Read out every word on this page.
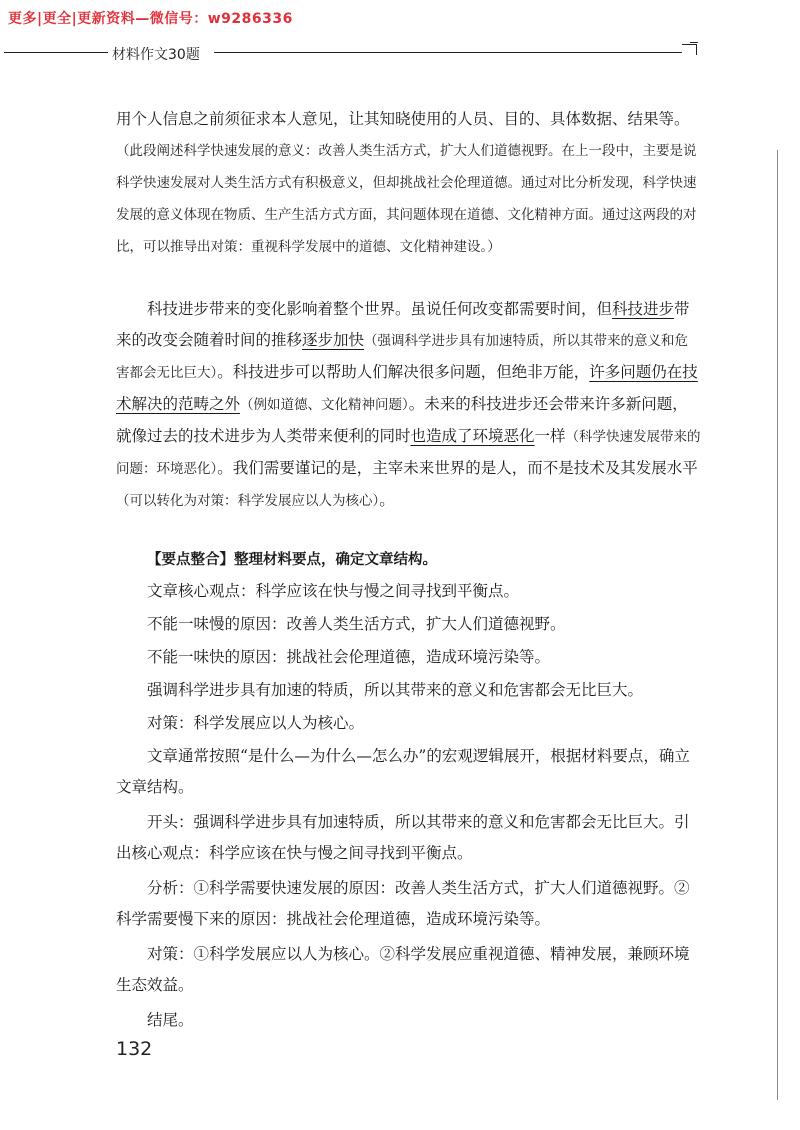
更多|更全|更新资料—微信号：w9286336
材料作文30题

用个人信息之前须征求本人意见，让其知晓使用的人员、目的、具体数据、结果等。（此段阐述科学快速发展的意义：改善人类生活方式，扩大人们道德视野。在上一段中，主要是说科学快速发展对人类生活方式有积极意义，但却挑战社会伦理道德。通过对比分析发现，科学快速发展的意义体现在物质、生产生活方式方面，其问题体现在道德、文化精神方面。通过这两段的对比，可以推导出对策：重视科学发展中的道德、文化精神建设。）

科技进步带来的变化影响着整个世界。虽说任何改变都需要时间，但科技进步带来的改变会随着时间的推移逐步加快（强调科学进步具有加速特质，所以其带来的意义和危害都会无比巨大）。科技进步可以帮助人们解决很多问题，但绝非万能，许多问题仍在技术解决的范畴之外（例如道德、文化精神问题）。未来的科技进步还会带来许多新问题，就像过去的技术进步为人类带来便利的同时也造成了环境恶化一样（科学快速发展带来的问题：环境恶化）。我们需要谨记的是，主宰未来世界的是人，而不是技术及其发展水平（可以转化为对策：科学发展应以人为核心）。

【要点整合】整理材料要点，确定文章结构。

文章核心观点：科学应该在快与慢之间寻找到平衡点。

不能一味慢的原因：改善人类生活方式，扩大人们道德视野。

不能一味快的原因：挑战社会伦理道德，造成环境污染等。

强调科学进步具有加速的特质，所以其带来的意义和危害都会无比巨大。

对策：科学发展应以人为核心。

文章通常按照“是什么—为什么—怎么办”的宏观逻辑展开，根据材料要点，确立文章结构。

开头：强调科学进步具有加速特质，所以其带来的意义和危害都会无比巨大。引出核心观点：科学应该在快与慢之间寻找到平衡点。

分析：①科学需要快速发展的原因：改善人类生活方式，扩大人们道德视野。②科学需要慢下来的原因：挑战社会伦理道德，造成环境污染等。

对策：①科学发展应以人为核心。②科学发展应重视道德、精神发展，兼顾环境生态效益。

结尾。

132
